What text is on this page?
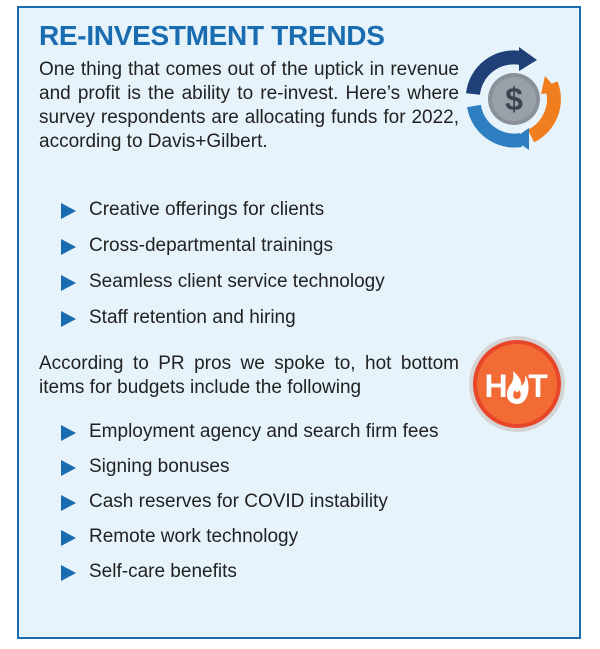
RE-INVESTMENT TRENDS

One thing that comes out of the uptick in revenue and profit is the ability to re-invest. Here’s where survey respondents are allocating funds for 2022, according to Davis+Gilbert.

$
Creative offerings for clients
Cross-departmental trainings
Seamless client service technology
Staff retention and hiring

According to PR pros we spoke to, hot bottom items for budgets include the following	H T
Employment agency and search firm fees
Signing bonuses
Cash reserves for COVID instability
Remote work technology
Self-care benefits
